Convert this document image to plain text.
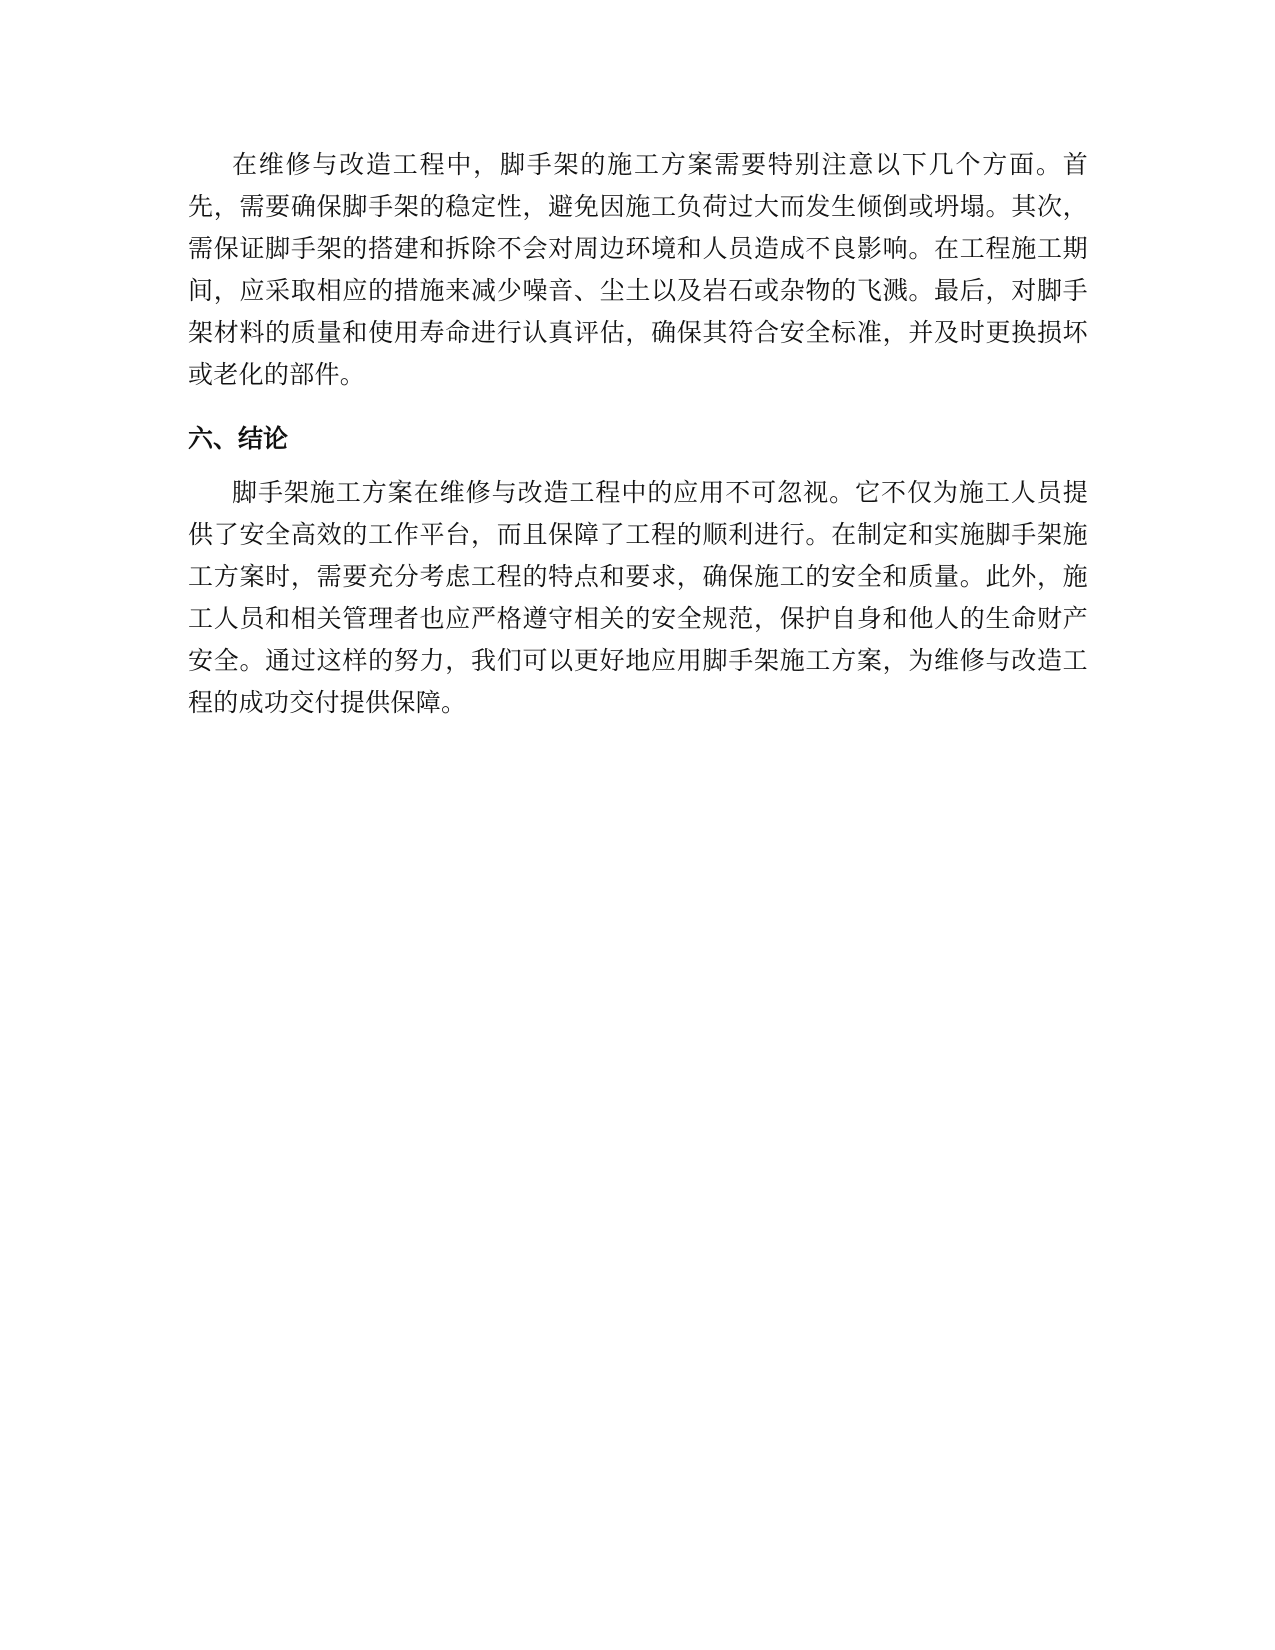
在维修与改造工程中，脚手架的施工方案需要特别注意以下几个方面。首先，需要确保脚手架的稳定性，避免因施工负荷过大而发生倾倒或坍塌。其次，需保证脚手架的搭建和拆除不会对周边环境和人员造成不良影响。在工程施工期间，应采取相应的措施来减少噪音、尘土以及岩石或杂物的飞溅。最后，对脚手架材料的质量和使用寿命进行认真评估，确保其符合安全标准，并及时更换损坏或老化的部件。

六、结论

脚手架施工方案在维修与改造工程中的应用不可忽视。它不仅为施工人员提供了安全高效的工作平台，而且保障了工程的顺利进行。在制定和实施脚手架施工方案时，需要充分考虑工程的特点和要求，确保施工的安全和质量。此外，施工人员和相关管理者也应严格遵守相关的安全规范，保护自身和他人的生命财产安全。通过这样的努力，我们可以更好地应用脚手架施工方案，为维修与改造工程的成功交付提供保障。
